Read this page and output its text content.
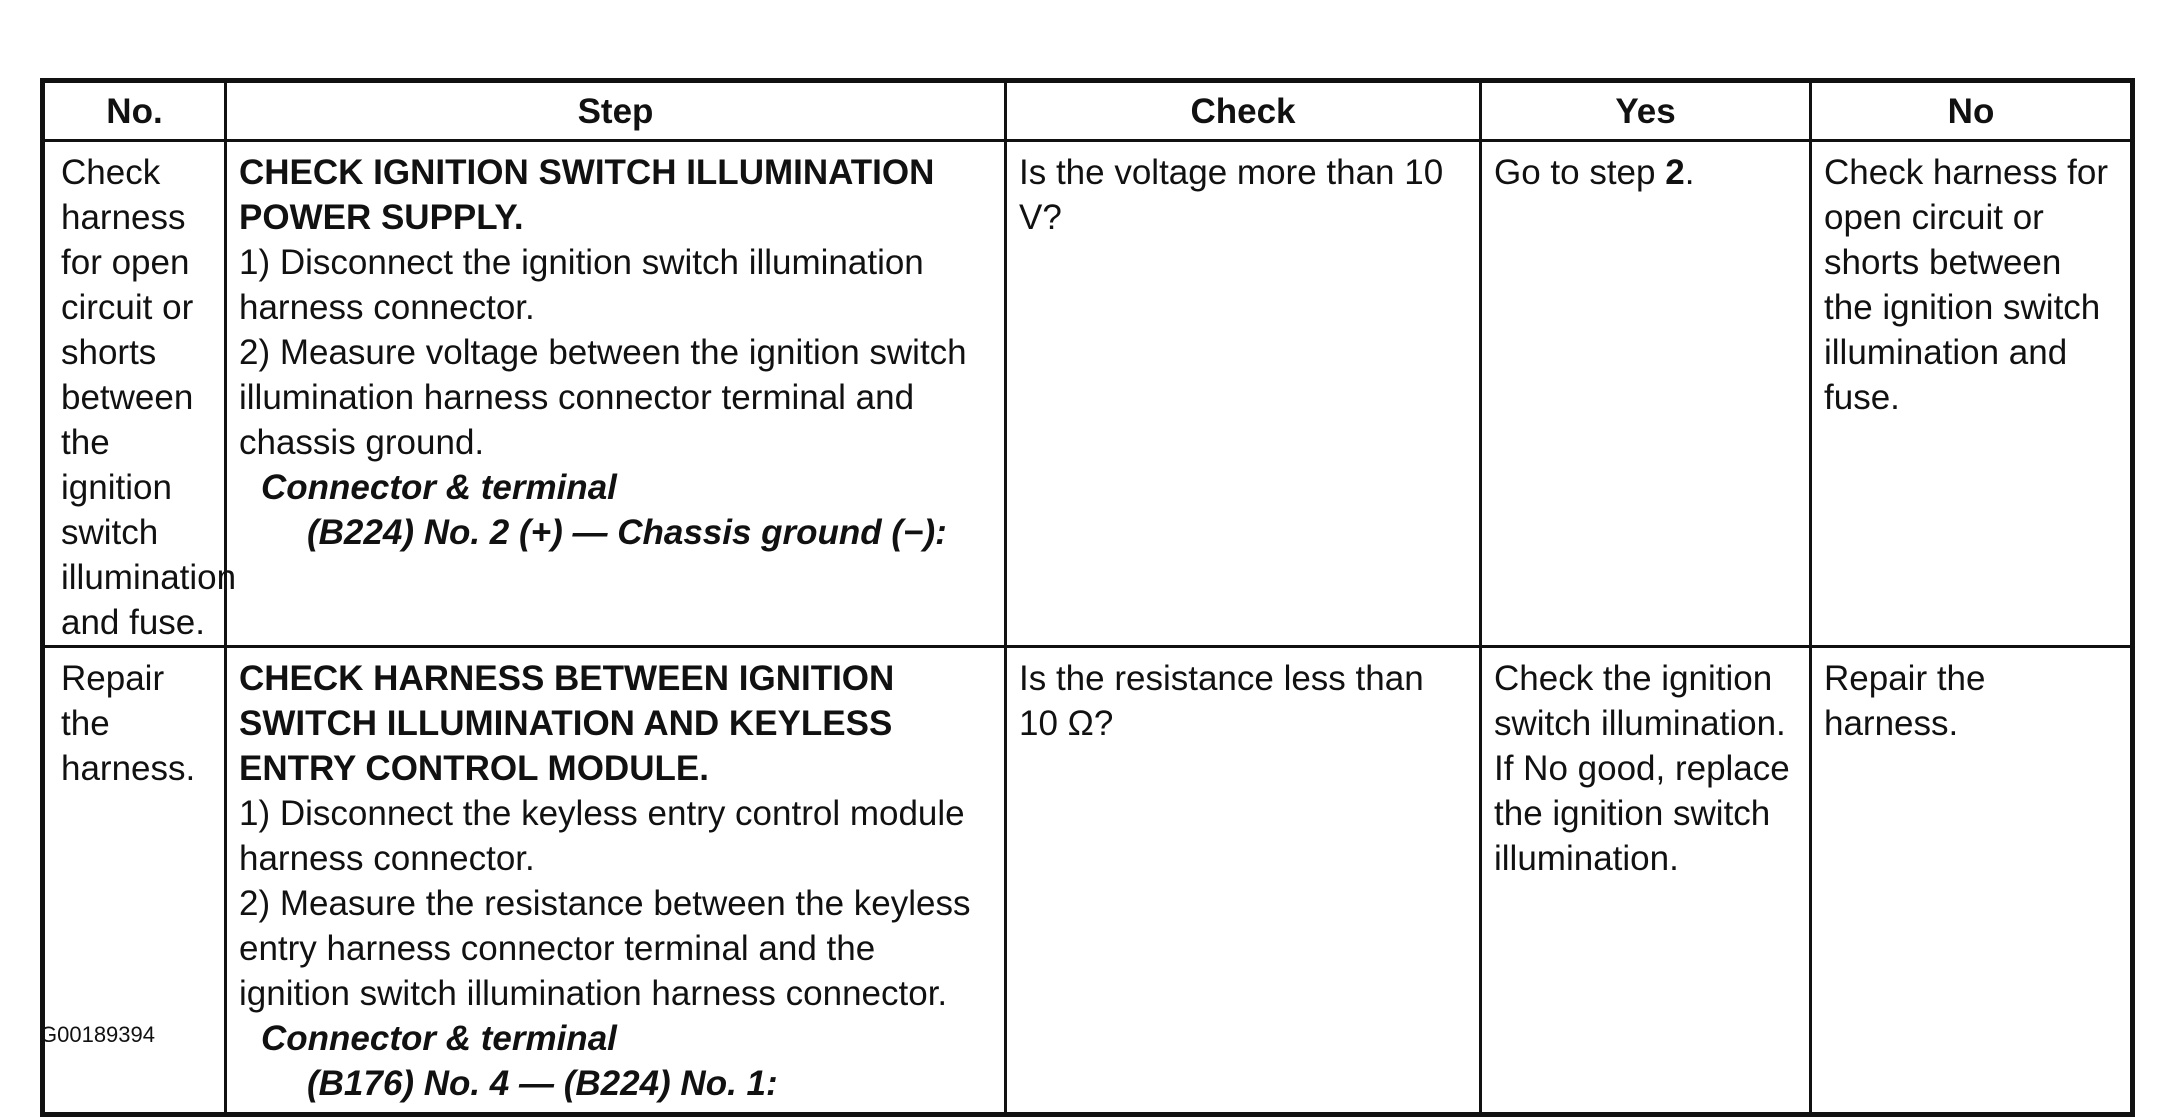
No.	Step	Check	Yes	No
Check harness for open circuit or shorts between the ignition switch illumination and fuse.	CHECK IGNITION SWITCH ILLUMINATION POWER SUPPLY.
1) Disconnect the ignition switch illumination harness connector.
2) Measure voltage between the ignition switch illumination harness connector terminal and chassis ground.
Connector & terminal
(B224) No. 2 (+) — Chassis ground (−):	Is the voltage more than 10 V?	Go to step 2.	Check harness for open circuit or shorts between the ignition switch illumination and fuse.
Repair the harness.	CHECK HARNESS BETWEEN IGNITION SWITCH ILLUMINATION AND KEYLESS ENTRY CONTROL MODULE.
1) Disconnect the keyless entry control module harness connector.
2) Measure the resistance between the keyless entry harness connector terminal and the ignition switch illumination harness connector.
Connector & terminal
(B176) No. 4 — (B224) No. 1:	Is the resistance less than 10 Ω?	Check the ignition switch illumination. If No good, replace the ignition switch illumination.	Repair the harness.
G00189394
